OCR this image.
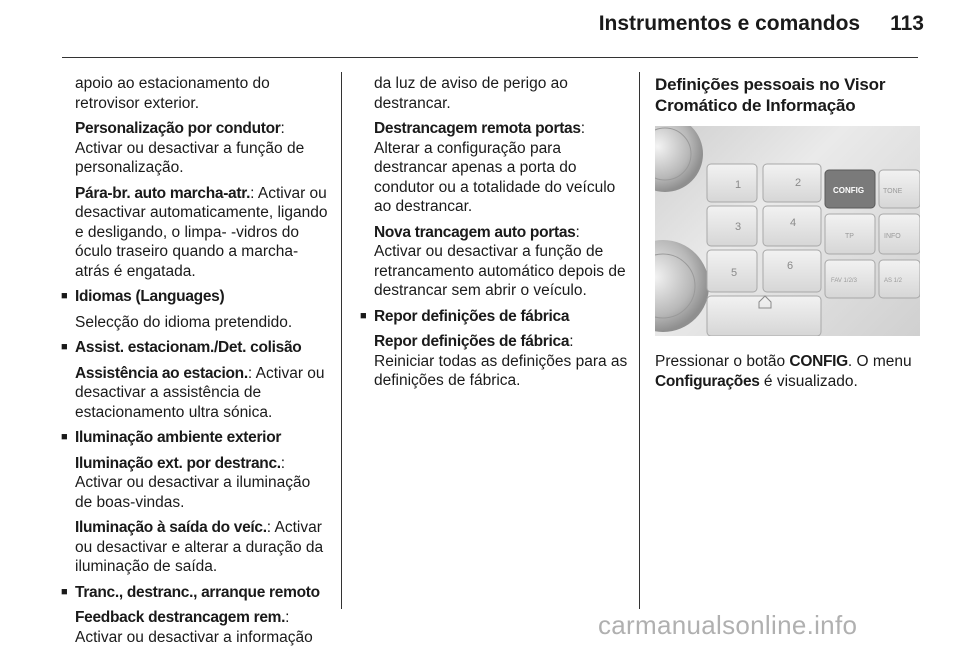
Instrumentos e comandos 113

apoio ao estacionamento do retrovisor exterior.

Personalização por condutor: Activar ou desactivar a função de personalização.

Pára-br. auto marcha-atr.: Activar ou desactivar automaticamente, ligando e desligando, o limpa- -vidros do óculo traseiro quando a marcha-atrás é engatada.

■ Idiomas (Languages)

Selecção do idioma pretendido.

■ Assist. estacionam./Det. colisão

Assistência ao estacion.: Activar ou desactivar a assistência de estacionamento ultra sónica.

■ Iluminação ambiente exterior

Iluminação ext. por destranc.: Activar ou desactivar a iluminação de boas-vindas.

Iluminação à saída do veíc.: Activar ou desactivar e alterar a duração da iluminação de saída.

■ Tranc., destranc., arranque remoto

Feedback destrancagem rem.: Activar ou desactivar a informação

da luz de aviso de perigo ao destrancar.

Destrancagem remota portas: Alterar a configuração para destrancar apenas a porta do condutor ou a totalidade do veículo ao destrancar.

Nova trancagem auto portas: Activar ou desactivar a função de retrancamento automático depois de destrancar sem abrir o veículo.

■ Repor definições de fábrica

Repor definições de fábrica: Reiniciar todas as definições para as definições de fábrica.

Definições pessoais no Visor Cromático de Informação
1	2
3	4
5
6
CONFIG	TONE
TP	INFO
FAV 1/2/3	AS 1/2

Pressionar o botão CONFIG. O menu Configurações é visualizado.

carmanualsonline.info
